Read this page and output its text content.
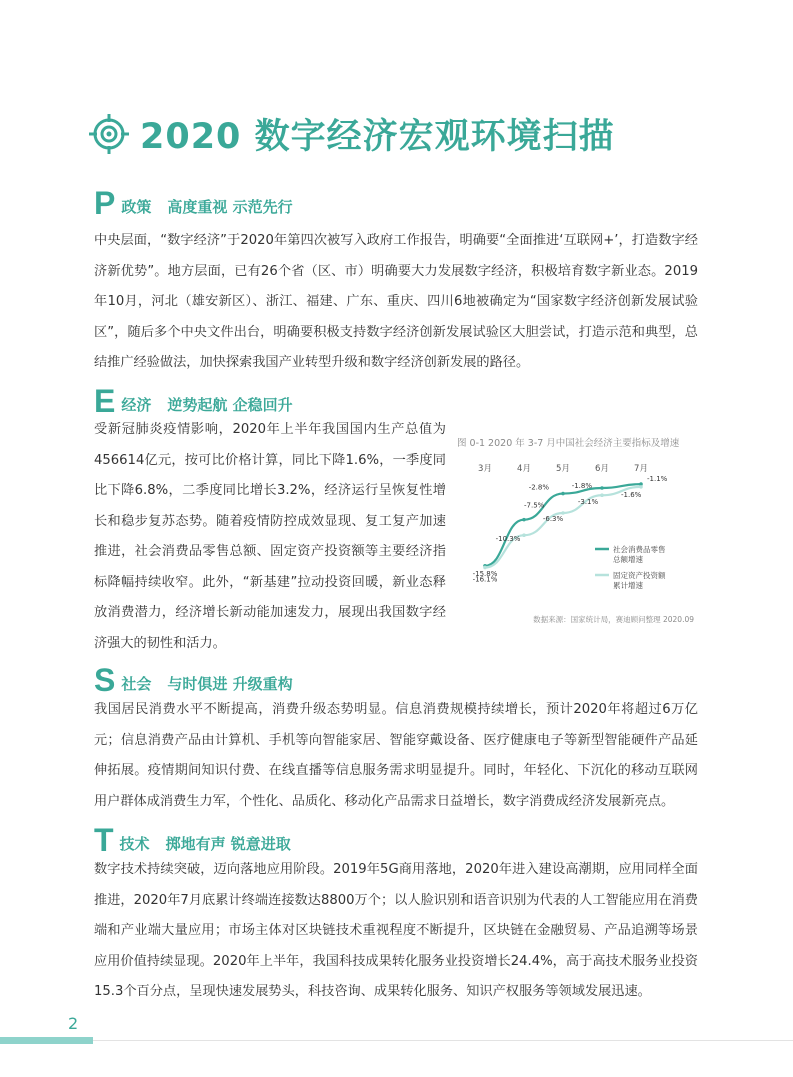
2020 数字经济宏观环境扫描
P 政策 高度重视 示范先行
中央层面，“数字经济”于2020年第四次被写入政府工作报告，明确要“全面推进‘互联网+’，打造数字经济新优势”。地方层面，已有26个省（区、市）明确要大力发展数字经济，积极培育数字新业态。2019年10月，河北（雄安新区）、浙江、福建、广东、重庆、四川6地被确定为“国家数字经济创新发展试验区”，随后多个中央文件出台，明确要积极支持数字经济创新发展试验区大胆尝试，打造示范和典型，总结推广经验做法，加快探索我国产业转型升级和数字经济创新发展的路径。
E 经济 逆势起航 企稳回升
受新冠肺炎疫情影响，2020年上半年我国国内生产总值为456614亿元，按可比价格计算，同比下降1.6%，一季度同比下降6.8%，二季度同比增长3.2%，经济运行呈恢复性增长和稳步复苏态势。随着疫情防控成效显现、复工复产加速推进，社会消费品零售总额、固定资产投资额等主要经济指标降幅持续收窄。此外，“新基建”拉动投资回暖，新业态释放消费潜力，经济增长新动能加速发力，展现出我国数字经济强大的韧性和活力。
图 0-1 2020 年 3-7 月中国社会经济主要指标及增速
3月	4月	5月	6月	7月
-15.8%
-7.5%
-2.8%	-1.8%
-1.1%
社会消费品零售
总额增速
-16.1%
-10.3%
-6.3%
-3.1%
-1.6%
固定资产投资额
累计增速
数据来源：国家统计局，赛迪顾问整理 2020.09
S 社会 与时俱进 升级重构
我国居民消费水平不断提高，消费升级态势明显。信息消费规模持续增长，预计2020年将超过6万亿元；信息消费产品由计算机、手机等向智能家居、智能穿戴设备、医疗健康电子等新型智能硬件产品延伸拓展。疫情期间知识付费、在线直播等信息服务需求明显提升。同时，年轻化、下沉化的移动互联网用户群体成消费生力军，个性化、品质化、移动化产品需求日益增长，数字消费成经济发展新亮点。
T 技术 掷地有声 锐意进取
数字技术持续突破，迈向落地应用阶段。2019年5G商用落地，2020年进入建设高潮期，应用同样全面推进，2020年7月底累计终端连接数达8800万个；以人脸识别和语音识别为代表的人工智能应用在消费端和产业端大量应用；市场主体对区块链技术重视程度不断提升，区块链在金融贸易、产品追溯等场景应用价值持续显现。2020年上半年，我国科技成果转化服务业投资增长24.4%，高于高技术服务业投资15.3个百分点，呈现快速发展势头，科技咨询、成果转化服务、知识产权服务等领域发展迅速。
2
